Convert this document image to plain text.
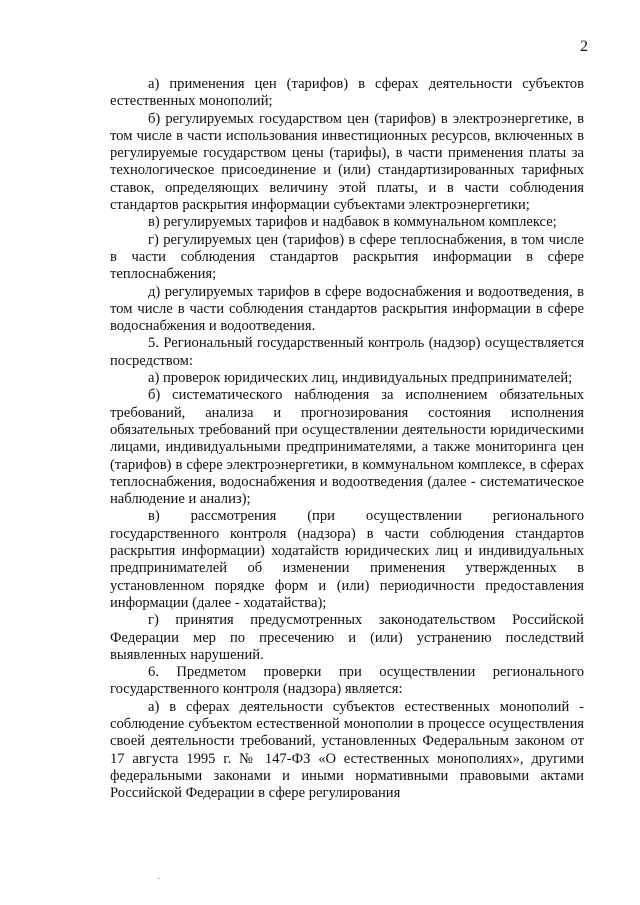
2

а) применения цен (тарифов) в сферах деятельности субъектов естественных монополий;

б) регулируемых государством цен (тарифов) в электроэнергетике, в том числе в части использования инвестиционных ресурсов, включенных в регулируемые государством цены (тарифы), в части применения платы за технологическое присоединение и (или) стандартизированных тарифных ставок, определяющих величину этой платы, и в части соблюдения стандартов раскрытия информации субъектами электроэнергетики;

в) регулируемых тарифов и надбавок в коммунальном комплексе;

г) регулируемых цен (тарифов) в сфере теплоснабжения, в том числе в части соблюдения стандартов раскрытия информации в сфере теплоснабжения;

д) регулируемых тарифов в сфере водоснабжения и водоотведения, в том числе в части соблюдения стандартов раскрытия информации в сфере водоснабжения и водоотведения.

5. Региональный государственный контроль (надзор) осуществляется посредством:

а) проверок юридических лиц, индивидуальных предпринимателей;

б) систематического наблюдения за исполнением обязательных требований, анализа и прогнозирования состояния исполнения обязательных требований при осуществлении деятельности юридическими лицами, индивидуальными предпринимателями, а также мониторинга цен (тарифов) в сфере электроэнергетики, в коммунальном комплексе, в сферах теплоснабжения, водоснабжения и водоотведения (далее - систематическое наблюдение и анализ);

в) рассмотрения (при осуществлении регионального государственного контроля (надзора) в части соблюдения стандартов раскрытия информации) ходатайств юридических лиц и индивидуальных предпринимателей об изменении применения утвержденных в установленном порядке форм и (или) периодичности предоставления информации (далее - ходатайства);

г) принятия предусмотренных законодательством Российской Федерации мер по пресечению и (или) устранению последствий выявленных нарушений.

6. Предметом проверки при осуществлении регионального государственного контроля (надзора) является:

а) в сферах деятельности субъектов естественных монополий - соблюдение субъектом естественной монополии в процессе осуществления своей деятельности требований, установленных Федеральным законом от 17 августа 1995 г. № 147-ФЗ «О естественных монополиях», другими федеральными законами и иными нормативными правовыми актами Российской Федерации в сфере регулирования
